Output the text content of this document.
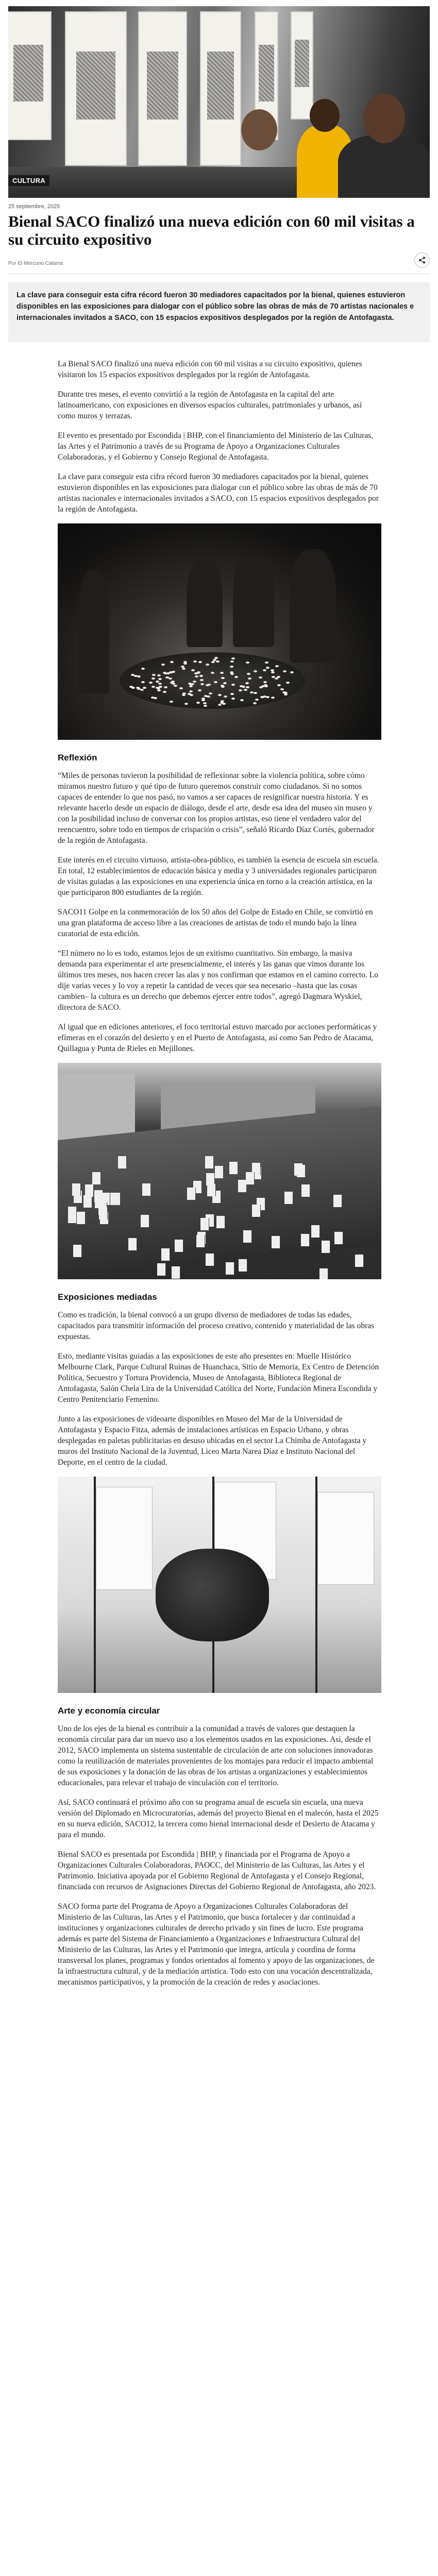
CULTURA
25 septiembre, 2025
Bienal SACO finalizó una nueva edición con 60 mil visitas a su circuito expositivo
Por El Mercurio Calama
La clave para conseguir esta cifra récord fueron 30 mediadores capacitados por la bienal, quienes estuvieron disponibles en las exposiciones para dialogar con el público sobre las obras de más de 70 artistas nacionales e internacionales invitados a SACO, con 15 espacios expositivos desplegados por la región de Antofagasta.

La Bienal SACO finalizó una nueva edición con 60 mil visitas a su circuito expositivo, quienes visitaron los 15 espacios expositivos desplegados por la región de Antofagasta.

Durante tres meses, el evento convirtió a la región de Antofagasta en la capital del arte latinoamericano, con exposiciones en diversos espacios culturales, patrimoniales y urbanos, así como muros y terrazas.

El evento es presentado por Escondida | BHP, con el financiamiento del Ministerio de las Culturas, las Artes y el Patrimonio a través de su Programa de Apoyo a Organizaciones Culturales Colaboradoras, y el Gobierno y Consejo Regional de Antofagasta.

La clave para conseguir esta cifra récord fueron 30 mediadores capacitados por la bienal, quienes estuvieron disponibles en las exposiciones para dialogar con el público sobre las obras de más de 70 artistas nacionales e internacionales invitados a SACO, con 15 espacios expositivos desplegados por la región de Antofagasta.

Reflexión

“Miles de personas tuvieron la posibilidad de reflexionar sobre la violencia política, sobre cómo miramos nuestro futuro y qué tipo de futuro queremos construir como ciudadanos. Si no somos capaces de entender lo que nos pasó, no vamos a ser capaces de resignificar nuestra historia. Y es relevante hacerlo desde un espacio de diálogo, desde el arte, desde esa idea del museo sin museo y con la posibilidad incluso de conversar con los propios artistas, eso tiene el verdadero valor del reencuentro, sobre todo en tiempos de crispación o crisis”, señaló Ricardo Díaz Cortés, gobernador de la región de Antofagasta.

Este interés en el circuito virtuoso, artista-obra-público, es también la esencia de escuela sin escuela. En total, 12 establecimientos de educación básica y media y 3 universidades regionales participaron de visitas guiadas a las exposiciones en una experiencia única en torno a la creación artística, en la que participaron 800 estudiantes de la región.

SACO11 Golpe en la conmemoración de los 50 años del Golpe de Estado en Chile, se convirtió en una gran plataforma de acceso libre a las creaciones de artistas de todo el mundo bajo la línea curatorial de esta edición.

“El número no lo es todo, estamos lejos de un exitismo cuantitativo. Sin embargo, la masiva demanda para experimentar el arte presencialmente, el interés y las ganas que vimos durante los últimos tres meses, nos hacen crecer las alas y nos confirman que estamos en el camino correcto. Lo dije varias veces y lo voy a repetir la cantidad de veces que sea necesario –hasta que las cosas cambien– la cultura es un derecho que debemos ejercer entre todos”, agregó Dagmara Wyskiel, directora de SACO.

Al igual que en ediciones anteriores, el foco territorial estuvo marcado por acciones performáticas y efímeras en el corazón del desierto y en el Puerto de Antofagasta, así como San Pedro de Atacama, Quillagua y Punta de Rieles en Mejillones.

Exposiciones mediadas

Como es tradición, la bienal convocó a un grupo diverso de mediadores de todas las edades, capacitados para transmitir información del proceso creativo, contenido y materialidad de las obras expuestas.

Esto, mediante visitas guiadas a las exposiciones de este año presentes en: Muelle Histórico Melbourne Clark, Parque Cultural Ruinas de Huanchaca, Sitio de Memoria, Ex Centro de Detención Política, Secuestro y Tortura Providencia, Museo de Antofagasta, Biblioteca Regional de Antofagasta, Salón Chela Lira de la Universidad Católica del Norte, Fundación Minera Escondida y Centro Penitenciario Femenino.

Junto a las exposiciones de videoarte disponibles en Museo del Mar de la Universidad de Antofagasta y Espacio Fitza, además de instalaciones artísticas en Espacio Urbano, y obras desplegadas en paletas publicitarias en desuso ubicadas en el sector La Chimba de Antofagasta y muros del Instituto Nacional de la Juventud, Liceo Marta Narea Díaz e Instituto Nacional del Deporte, en el centro de la ciudad.

Arte y economía circular

Uno de los ejes de la bienal es contribuir a la comunidad a través de valores que destaquen la economía circular para dar un nuevo uso a los elementos usados en las exposiciones. Así, desde el 2012, SACO implementa un sistema sustentable de circulación de arte con soluciones innovadoras como la reutilización de materiales provenientes de los montajes para reducir el impacto ambiental de sus exposiciones y la donación de las obras de los artistas a organizaciones y establecimientos educacionales, para relevar el trabajo de vinculación con el territorio.

Así, SACO continuará el próximo año con su programa anual de escuela sin escuela, una nueva versión del Diplomado en Microcuratorías, además del proyecto Bienal en el malecón, hasta el 2025 en su nueva edición, SACO12, la tercera como bienal internacional desde el Desierto de Atacama y para el mundo.

Bienal SACO es presentada por Escondida | BHP, y financiada por el Programa de Apoyo a Organizaciones Culturales Colaboradoras, PAOCC, del Ministerio de las Culturas, las Artes y el Patrimonio. Iniciativa apoyada por el Gobierno Regional de Antofagasta y el Consejo Regional, financiada con recursos de Asignaciones Directas del Gobierno Regional de Antofagasta, año 2023.

SACO forma parte del Programa de Apoyo a Organizaciones Culturales Colaboradoras del Ministerio de las Culturas, las Artes y el Patrimonio, que busca fortalecer y dar continuidad a instituciones y organizaciones culturales de derecho privado y sin fines de lucro. Este programa además es parte del Sistema de Financiamiento a Organizaciones e Infraestructura Cultural del Ministerio de las Culturas, las Artes y el Patrimonio que integra, articula y coordina de forma transversal los planes, programas y fondos orientados al fomento y apoyo de las organizaciones, de la infraestructura cultural, y de la mediación artística. Todo esto con una vocación descentralizada, mecanismos participativos, y la promoción de la creación de redes y asociaciones.
